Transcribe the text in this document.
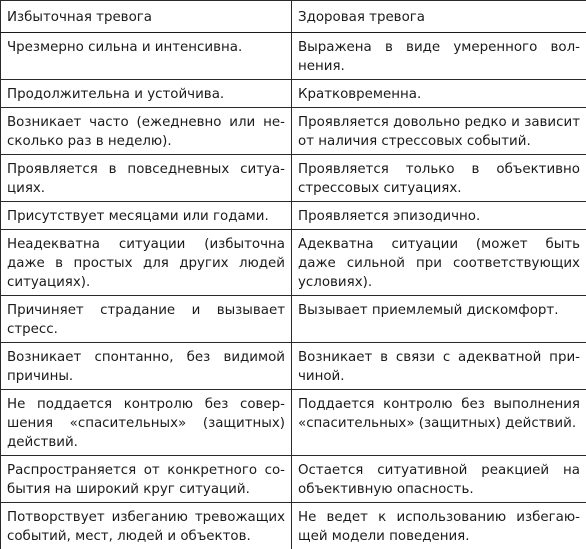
Избыточная тревога	Здоровая тревога
Чрезмерно сильна и интенсивна.	Выражена в виде умеренного волнения.
Продолжительна и устойчива.	Кратковременна.
Возникает часто (ежедневно или несколько раз в неделю).	Проявляется довольно редко и зависит от наличия стрессовых событий.
Проявляется в повседневных ситуациях.	Проявляется только в объективно стрессовых ситуациях.
Присутствует месяцами или годами.	Проявляется эпизодично.
Неадекватна ситуации (избыточна даже в простых для других людей ситуациях).	Адекватна ситуации (может быть даже сильной при соответствующих условиях).
Причиняет страдание и вызывает стресс.	Вызывает приемлемый дискомфорт.
Возникает спонтанно, без видимой причины.	Возникает в связи с адекватной причиной.
Не поддается контролю без совершения «спасительных» (защитных) действий.	Поддается контролю без выполнения «спасительных» (защитных) действий.
Распространяется от конкретного события на широкий круг ситуаций.	Остается ситуативной реакцией на объективную опасность.
Потворствует избеганию тревожащих событий, мест, людей и объектов.	Не ведет к использованию избегающей модели поведения.
